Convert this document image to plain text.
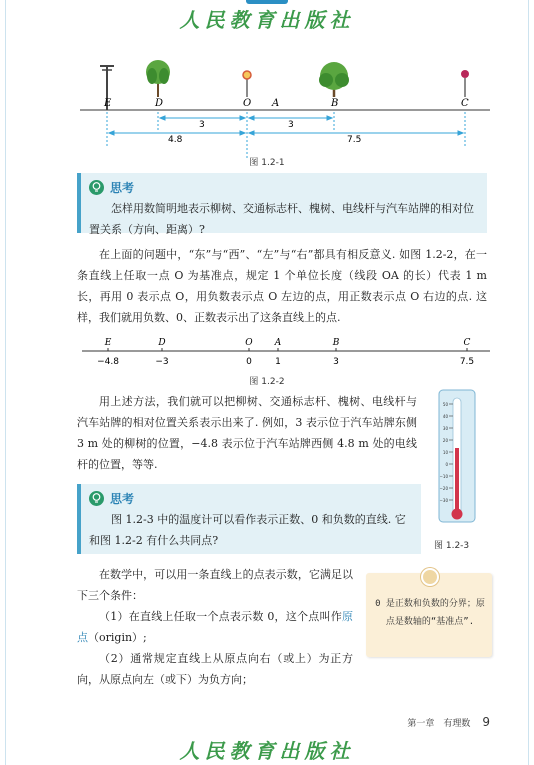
人民教育出版社
E	D	O A	B	C
3	3
4.8	7.5
图 1.2-1
思考
怎样用数简明地表示柳树、交通标志杆、槐树、电线杆与汽车站牌的相对位置关系（方向、距离）?

在上面的问题中，“东”与“西”、“左”与“右”都具有相反意义. 如图 1.2-2，在一条直线上任取一点 O 为基准点，规定 1 个单位长度（线段 OA 的长）代表 1 m 长，再用 0 表示点 O，用负数表示点 O 左边的点，用正数表示点 O 右边的点. 这样，我们就用负数、0、正数表示出了这条直线上的点.

E	D	O A	B	C
−4.8	−3	0	1	3	7.5
图 1.2-2

用上述方法，我们就可以把柳树、交通标志杆、槐树、电线杆与汽车站牌的相对位置关系表示出来了. 例如，3 表示位于汽车站牌东侧 3 m 处的柳树的位置，−4.8 表示位于汽车站牌西侧 4.8 m 处的电线杆的位置，等等.

50
40
30
20
10
0
−10
−20
−30
图 1.2-3
思考
图 1.2-3 中的温度计可以看作表示正数、0 和负数的直线. 它和图 1.2-2 有什么共同点?

在数学中，可以用一条直线上的点表示数，它满足以下三个条件：

（1）在直线上任取一个点表示数 0，这个点叫作原点（origin）;

（2）通常规定直线上从原点向右（或上）为正方向，从原点向左（或下）为负方向；

0 是正数和负数的分界；原点是数轴的“基准点”.
第一章　有理数 9
人民教育出版社
